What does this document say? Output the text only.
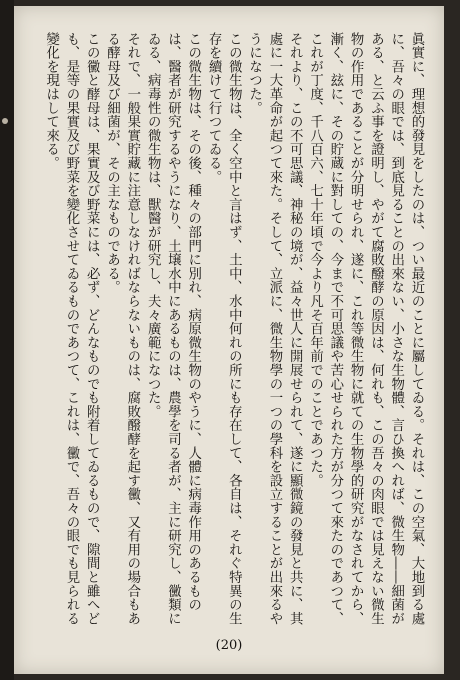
眞實に、理想的發見をしたのは、つい最近のことに屬してゐる。それは、この空氣、大地到る處に、吾々の眼では、到底見ることの出來ない、小さな生物體、言ひ換へれば、微生物――細菌がある、と云ふ事を證明し、やがて腐敗醱酵の原因は、何れも、この吾々の肉眼では見えない微生物の作用であることが分明せられ、遂に、これ等微生物に就ての生物學的研究がなされてから、漸く、玆に、その貯蔵に對しての、今まで不可思議や苦心せられた方が分つて來たのであつて、これが丁度、千八百六、七十年頃で今より凡そ百年前でのことであつた。

それより、この不可思議、神秘の境が、益々世人に開展せられて、遂に顯微鏡の發見と共に、其處に一大革命が起つて來た。そして、立派に、微生物學の一つの學科を設立することが出來るやうになつた。

この微生物は、全く空中と言はず、土中、水中何れの所にも存在して、各自は、それぐ特異の生存を續けて行つてゐる。

この微生物は、その後、種々の部門に別れ、病原微生物のやうに、人體に病毒作用のあるものは、醫者が研究するやうになり、土壌水中にあるものは、農學を司る者が、主に研究し、黴類にゐる、病毒性の微生物は、獸醫が研究し、夫々廣範になつた。

それで、一般果實貯藏に注意しなければならないものは、腐敗醱酵を起す黴、又有用の場合もある酵母及び細菌が、その主なものである。

この黴と酵母は、果實及び野菜には、必ず、どんなものでも附着してゐるもので、隙間と雖へども、是等の果實及び野菜を變化させてゐるものであつて、これは、黴で、吾々の眼でも見られる變化を現はして來る。

(20)
